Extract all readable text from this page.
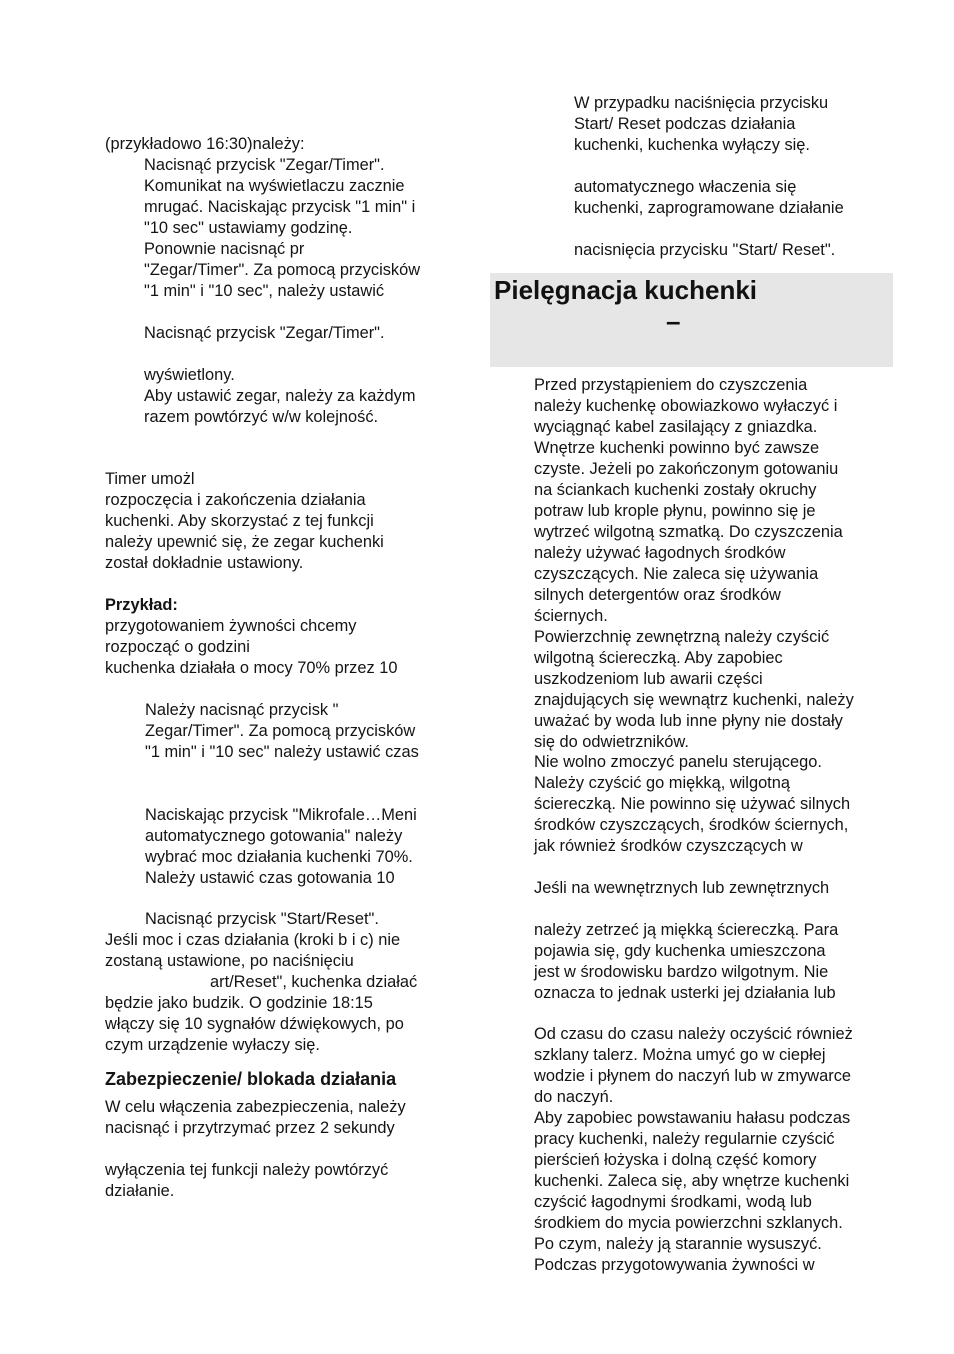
(przykładowo 16:30)należy:

Nacisnąć przycisk "Zegar/Timer".

Komunikat na wyświetlaczu zacznie

mrugać. Naciskając przycisk "1 min" i

"10 sec" ustawiamy godzinę.

Ponownie nacisnąć pr

"Zegar/Timer". Za pomocą przycisków

"1 min" i "10 sec", należy ustawić

Nacisnąć przycisk "Zegar/Timer".

wyświetlony.

Aby ustawić zegar, należy za każdym

razem powtórzyć w/w kolejność.

Timer umożl

rozpoczęcia i zakończenia działania

kuchenki. Aby skorzystać z tej funkcji

należy upewnić się, że zegar kuchenki

został dokładnie ustawiony.

Przykład:

przygotowaniem żywności chcemy

rozpocząć o godzini

kuchenka działała o mocy 70% przez 10

Należy nacisnąć przycisk "

Zegar/Timer". Za pomocą przycisków

"1 min" i "10 sec" należy ustawić czas

Naciskając przycisk "Mikrofale…Meni

automatycznego gotowania" należy

wybrać moc działania kuchenki 70%.

Należy ustawić czas gotowania 10

Nacisnąć przycisk "Start/Reset".

Jeśli moc i czas działania (kroki b i c) nie

zostaną ustawione, po naciśnięciu

art/Reset", kuchenka działać

będzie jako budzik. O godzinie 18:15

włączy się 10 sygnałów dźwiękowych, po

czym urządzenie wyłaczy się.

Zabezpieczenie/ blokada działania

W celu włączenia zabezpieczenia, należy

nacisnąć i przytrzymać przez 2 sekundy

wyłączenia tej funkcji należy powtórzyć

działanie.

W przypadku naciśnięcia przycisku

Start/ Reset podczas działania

kuchenki, kuchenka wyłączy się.

automatycznego właczenia się

kuchenki, zaprogramowane działanie

nacisnięcia przycisku "Start/ Reset".

Pielęgnacja kuchenki

–

Przed przystąpieniem do czyszczenia

należy kuchenkę obowiazkowo wyłaczyć i

wyciągnąć kabel zasilający z gniazdka.

Wnętrze kuchenki powinno być zawsze

czyste. Jeżeli po zakończonym gotowaniu

na ściankach kuchenki zostały okruchy

potraw lub krople płynu, powinno się je

wytrzeć wilgotną szmatką. Do czyszczenia

należy używać łagodnych środków

czyszczących. Nie zaleca się używania

silnych detergentów oraz środków

ściernych.

Powierzchnię zewnętrzną należy czyścić

wilgotną ściereczką. Aby zapobiec

uszkodzeniom lub awarii części

znajdujących się wewnątrz kuchenki, należy

uważać by woda lub inne płyny nie dostały

się do odwietrzników.

Nie wolno zmoczyć panelu sterującego.

Należy czyścić go miękką, wilgotną

ściereczką. Nie powinno się używać silnych

środków czyszczących, środków ściernych,

jak również środków czyszczących w

Jeśli na wewnętrznych lub zewnętrznych

należy zetrzeć ją miękką ściereczką. Para

pojawia się, gdy kuchenka umieszczona

jest w środowisku bardzo wilgotnym. Nie

oznacza to jednak usterki jej działania lub

Od czasu do czasu należy oczyścić również

szklany talerz. Można umyć go w ciepłej

wodzie i płynem do naczyń lub w zmywarce

do naczyń.

Aby zapobiec powstawaniu hałasu podczas

pracy kuchenki, należy regularnie czyścić

pierścień łożyska i dolną część komory

kuchenki. Zaleca się, aby wnętrze kuchenki

czyścić łagodnymi środkami, wodą lub

środkiem do mycia powierzchni szklanych.

Po czym, należy ją starannie wysuszyć.

Podczas przygotowywania żywności w
